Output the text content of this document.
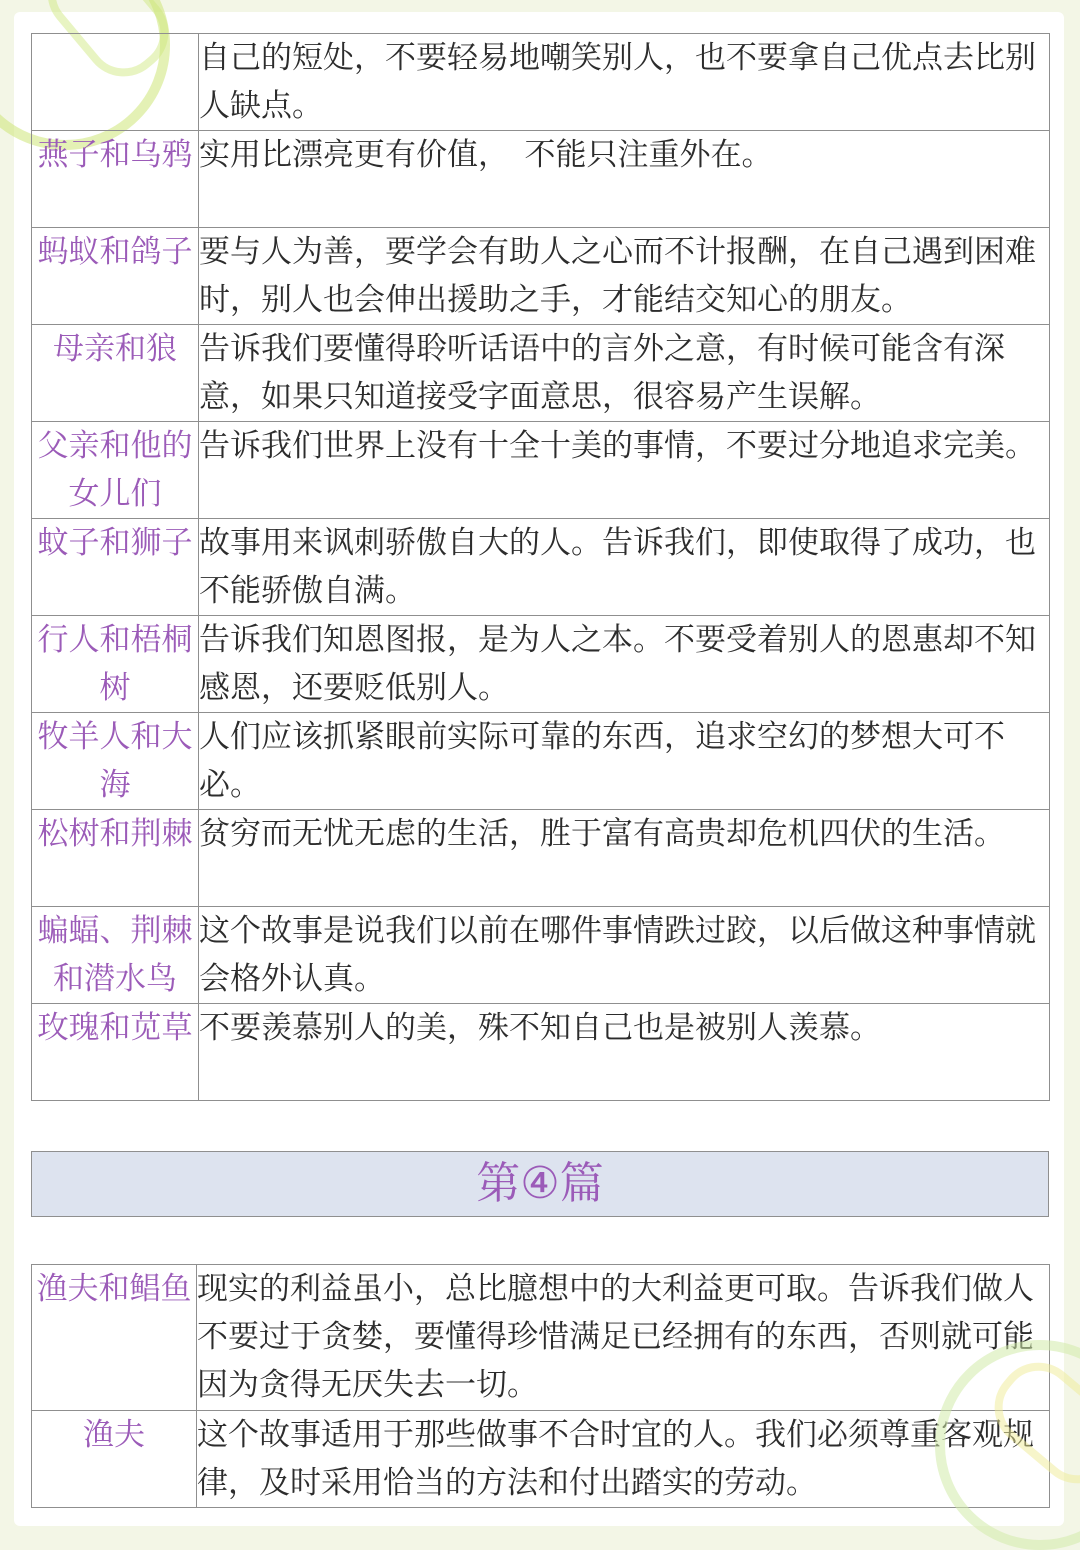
	自己的短处，不要轻易地嘲笑别人，也不要拿自己优点去比别人缺点。
燕子和乌鸦	实用比漂亮更有价值，　不能只注重外在。
蚂蚁和鸽子	要与人为善，要学会有助人之心而不计报酬，在自己遇到困难时，别人也会伸出援助之手，才能结交知心的朋友。
母亲和狼	告诉我们要懂得聆听话语中的言外之意，有时候可能含有深意，如果只知道接受字面意思，很容易产生误解。
父亲和他的女儿们	告诉我们世界上没有十全十美的事情，不要过分地追求完美。
蚊子和狮子	故事用来讽刺骄傲自大的人。告诉我们，即使取得了成功，也不能骄傲自满。
行人和梧桐树	告诉我们知恩图报，是为人之本。不要受着别人的恩惠却不知感恩，还要贬低别人。
牧羊人和大海	人们应该抓紧眼前实际可靠的东西，追求空幻的梦想大可不必。
松树和荆棘	贫穷而无忧无虑的生活，胜于富有高贵却危机四伏的生活。
蝙蝠、荆棘和潜水鸟	这个故事是说我们以前在哪件事情跌过跤，以后做这种事情就会格外认真。
玫瑰和苋草	不要羡慕别人的美，殊不知自己也是被别人羡慕。
第④篇
渔夫和鲳鱼	现实的利益虽小，总比臆想中的大利益更可取。告诉我们做人不要过于贪婪，要懂得珍惜满足已经拥有的东西，否则就可能因为贪得无厌失去一切。
渔夫	这个故事适用于那些做事不合时宜的人。我们必须尊重客观规律，及时采用恰当的方法和付出踏实的劳动。
